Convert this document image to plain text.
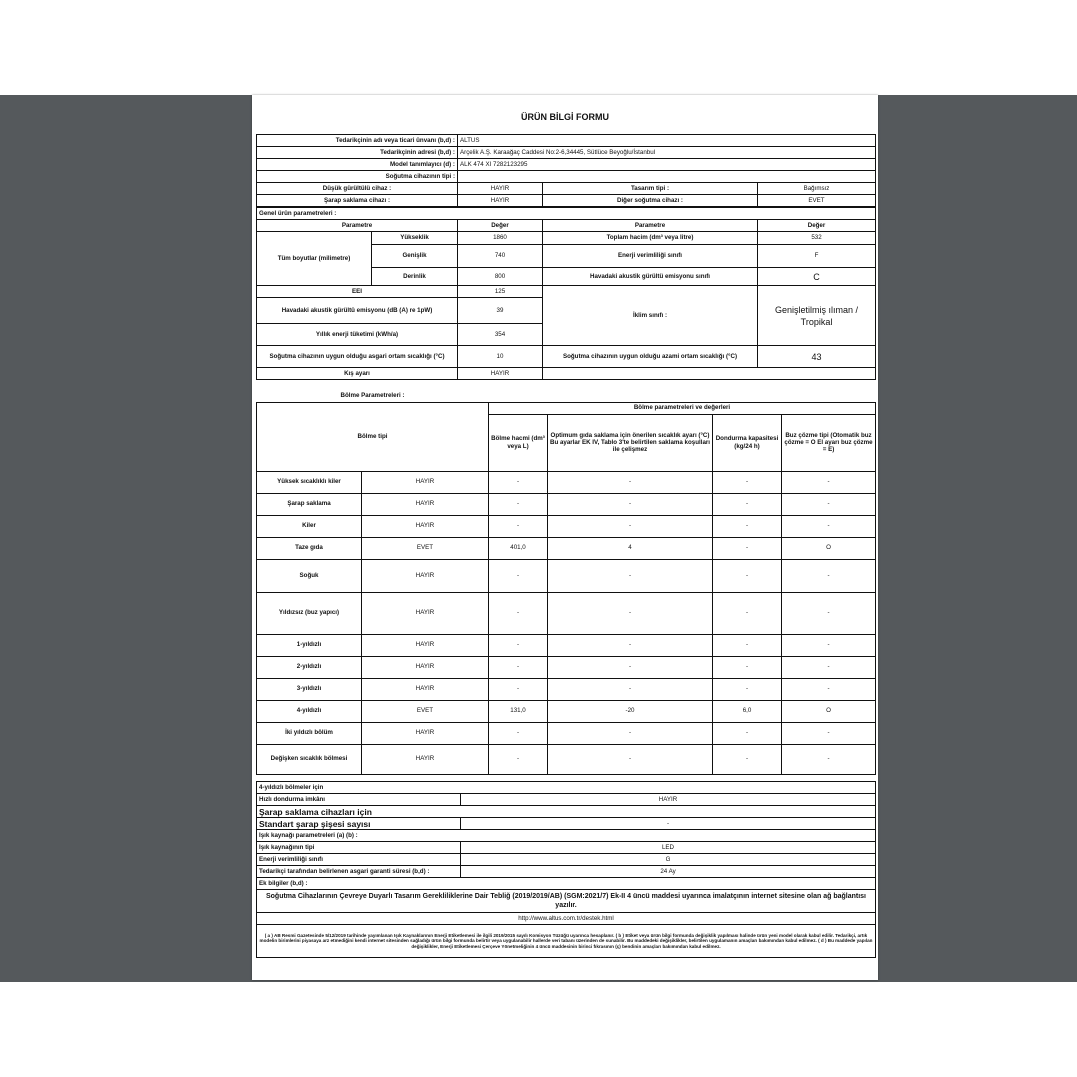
ÜRÜN BİLGİ FORMU
Tedarikçinin adı veya ticari ünvanı (b,d) :	ALTUS		
Tedarikçinin adresi (b,d) :	Arçelik A.Ş. Karaağaç Caddesi No:2-6,34445, Sütlüce Beyoğlu/İstanbul		
Model tanımlayıcı (d) :	ALK 474 XI 7282123295		
Soğutma cihazının tipi :			
Düşük gürültülü cihaz :	HAYIR	Tasarım tipi :	Bağımsız
Şarap saklama cihazı :	HAYIR	Diğer soğutma cihazı :	EVET
Genel ürün parametreleri :				
Parametre		Değer	Parametre	Değer
Tüm boyutlar (milimetre)	Yükseklik	1860	Toplam hacim (dm³ veya litre)	532
	Genişlik	740	Enerji verimliliği sınıfı	F
	Derinlik	800	Havadaki akustik gürültü emisyonu sınıfı	C
EEI		125	İklim sınıfı :	Genişletilmiş ılıman / Tropikal
Havadaki akustik gürültü emisyonu (dB (A) re 1pW)		39		
Yıllık enerji tüketimi (kWh/a)		354		
Soğutma cihazının uygun olduğu asgari ortam sıcaklığı (°C)		10	Soğutma cihazının uygun olduğu azami ortam sıcaklığı (°C)	43
Kış ayarı		HAYIR		
Bölme Parametreleri :					
Bölme tipi		Bölme parametreleri ve değerleri			
		Bölme hacmi (dm³ veya L)	Optimum gıda saklama için önerilen sıcaklık ayarı (°C) Bu ayarlar EK IV, Tablo 3'te belirtilen saklama koşulları ile çelişmez	Dondurma kapasitesi (kg/24 h)	Buz çözme tipi (Otomatik buz çözme = O El ayarı buz çözme = E)
Yüksek sıcaklıklı kiler	HAYIR	-	-	-	-
Şarap saklama	HAYIR	-	-	-	-
Kiler	HAYIR	-	-	-	-
Taze gıda	EVET	401,0	4	-	O
Soğuk	HAYIR	-	-	-	-
Yıldızsız (buz yapıcı)	HAYIR	-	-	-	-
1-yıldızlı	HAYIR	-	-	-	-
2-yıldızlı	HAYIR	-	-	-	-
3-yıldızlı	HAYIR	-	-	-	-
4-yıldızlı	EVET	131,0	-20	6,0	O
İki yıldızlı bölüm	HAYIR	-	-	-	-
Değişken sıcaklık bölmesi	HAYIR	-	-	-	-
4-yıldızlı bölmeler için	
Hızlı dondurma imkânı	HAYIR
Şarap saklama cihazları için	
Standart şarap şişesi sayısı	-
Işık kaynağı parametreleri (a) (b) :	
Işık kaynağının tipi	LED
Enerji verimliliği sınıfı	G
Tedarikçi tarafından belirlenen asgari garanti süresi (b,d) :	24 Ay
Ek bilgiler (b,d) :	
Soğutma Cihazlarının Çevreye Duyarlı Tasarım Gerekliliklerine Dair Tebliğ (2019/2019/AB) (SGM:2021/7) Ek-II 4 üncü maddesi uyarınca imalatçının internet sitesine olan ağ bağlantısı yazılır.	
http://www.altus.com.tr/destek.html	
( a ) AB Resmi Gazetesinde 5/12/2019 tarihinde yayımlanan Işık Kaynaklarının Enerji Etiketlemesi ile ilgili 2019/2015 sayılı Komisyon Tüzüğü uyarınca hesaplanır. ( b ) Etiket veya ürün bilgi formunda değişiklik yapılması halinde ürün yeni model olarak kabul edilir. Tedarikçi, artık modelin birimlerini piyasaya arz etmediğini kendi internet sitesinden sağladığı ürün bilgi formunda belirtir veya uygulanabilir hallerde veri tabanı üzerinden de sunabilir. Bu maddedeki değişiklikler, belirtilen uygulamanın amaçları bakımından kabul edilmez. ( d ) Bu maddede yapılan değişiklikler, Enerji Etiketlemesi Çerçeve Yönetmeliğinin 4 üncü maddesinin birinci fıkrasının (ç) bendinin amaçları bakımından kabul edilmez.	
